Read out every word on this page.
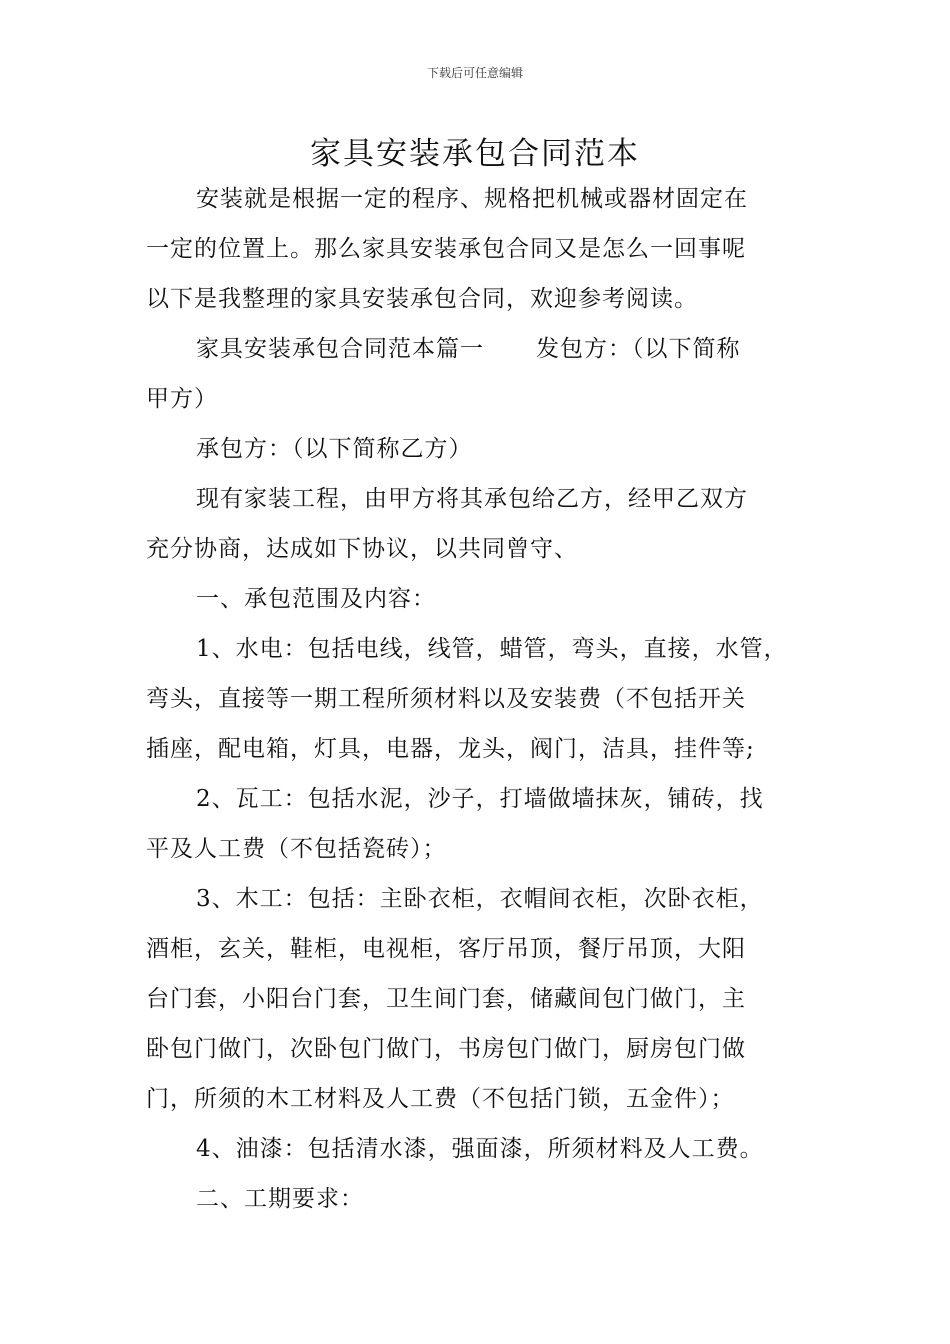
下载后可任意编辑
家具安装承包合同范本
安装就是根据一定的程序、规格把机械或器材固定在
一定的位置上。那么家具安装承包合同又是怎么一回事呢
以下是我整理的家具安装承包合同，欢迎参考阅读。
家具安装承包合同范本篇一 发包方：（以下简称
甲方）
承包方：（以下简称乙方）
现有家装工程，由甲方将其承包给乙方，经甲乙双方
充分协商，达成如下协议，以共同曾守、
一、承包范围及内容：
1、水电：包括电线，线管，蜡管，弯头，直接，水管，
弯头，直接等一期工程所须材料以及安装费（不包括开关
插座，配电箱，灯具，电器，龙头，阀门，洁具，挂件等;
2、瓦工：包括水泥，沙子，打墙做墙抹灰，铺砖，找
平及人工费（不包括瓷砖）；
3、木工：包括：主卧衣柜，衣帽间衣柜，次卧衣柜，
酒柜，玄关，鞋柜，电视柜，客厅吊顶，餐厅吊顶，大阳
台门套，小阳台门套，卫生间门套，储藏间包门做门，主
卧包门做门，次卧包门做门，书房包门做门，厨房包门做
门，所须的木工材料及人工费（不包括门锁，五金件）；
4、油漆：包括清水漆，强面漆，所须材料及人工费。
二、工期要求：
